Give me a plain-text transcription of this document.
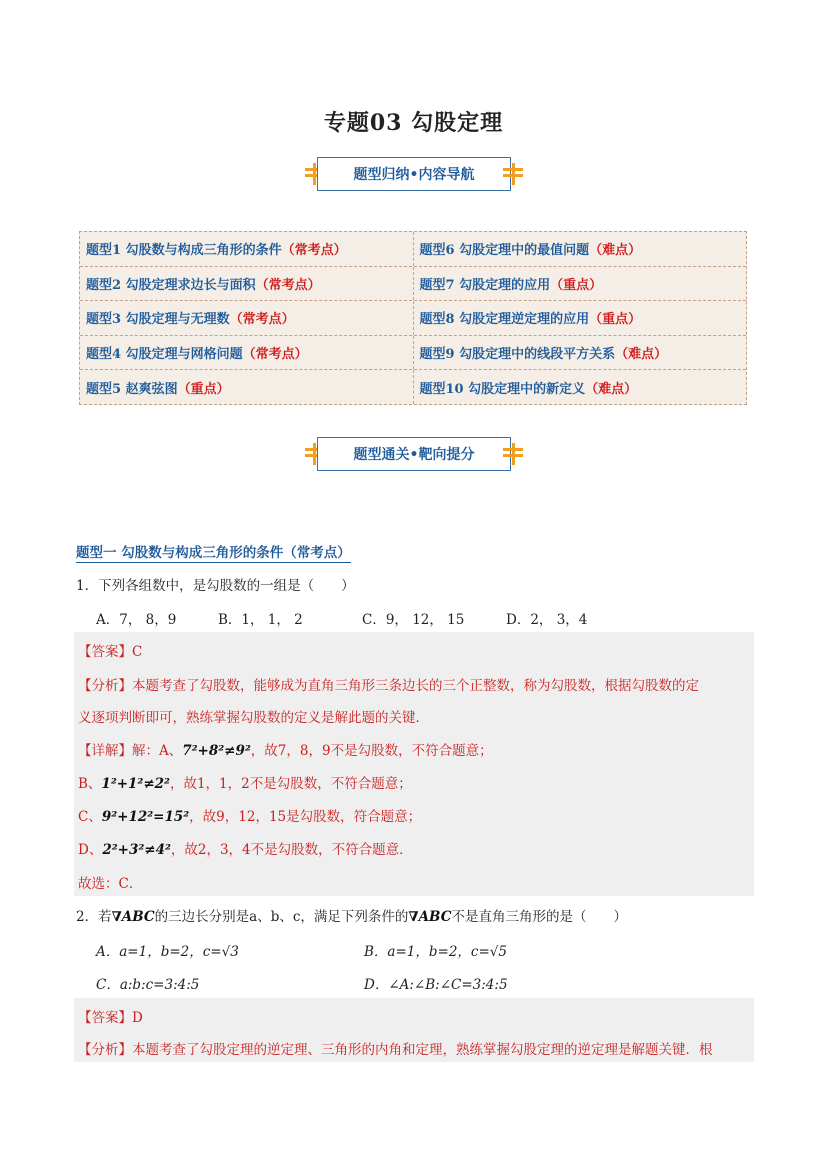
专题03 勾股定理
题型归纳•内容导航
题型1 勾股数与构成三角形的条件 （常考点）	题型6 勾股定理中的最值问题 （难点）
题型2 勾股定理求边长与面积 （常考点）	题型7 勾股定理的应用 （重点）
题型3 勾股定理与无理数 （常考点）	题型8 勾股定理逆定理的应用 （重点）
题型4 勾股定理与网格问题 （常考点）	题型9 勾股定理中的线段平方关系 （难点）
题型5 赵爽弦图 （重点）	题型10 勾股定理中的新定义 （难点）
题型通关•靶向提分
题型一 勾股数与构成三角形的条件（常考点）
1．下列各组数中，是勾股数的一组是（　　）
A．7， 8，9	B．1， 1， 2	C．9， 12， 15	D．2， 3，4
【答案】C
【分析】本题考查了勾股数，能够成为直角三角形三条边长的三个正整数，称为勾股数，根据勾股数的定
义逐项判断即可，熟练掌握勾股数的定义是解此题的关键．
【详解】解：A、7²+8²≠9²，故7，8，9不是勾股数，不符合题意；
B、1²+1²≠2²，故1，1，2不是勾股数，不符合题意；
C、9²+12²=15²，故9，12，15是勾股数，符合题意；
D、2²+3²≠4²，故2，3，4不是勾股数，不符合题意．
故选：C．
2．若∇ABC的三边长分别是a、b、c，满足下列条件的∇ABC不是直角三角形的是（　　）
A．a=1，b=2，c=√3	B．a=1，b=2，c=√5
C．a:b:c=3:4:5	D．∠A:∠B:∠C=3:4:5
【答案】D
【分析】本题考查了勾股定理的逆定理、三角形的内角和定理，熟练掌握勾股定理的逆定理是解题关键．根
